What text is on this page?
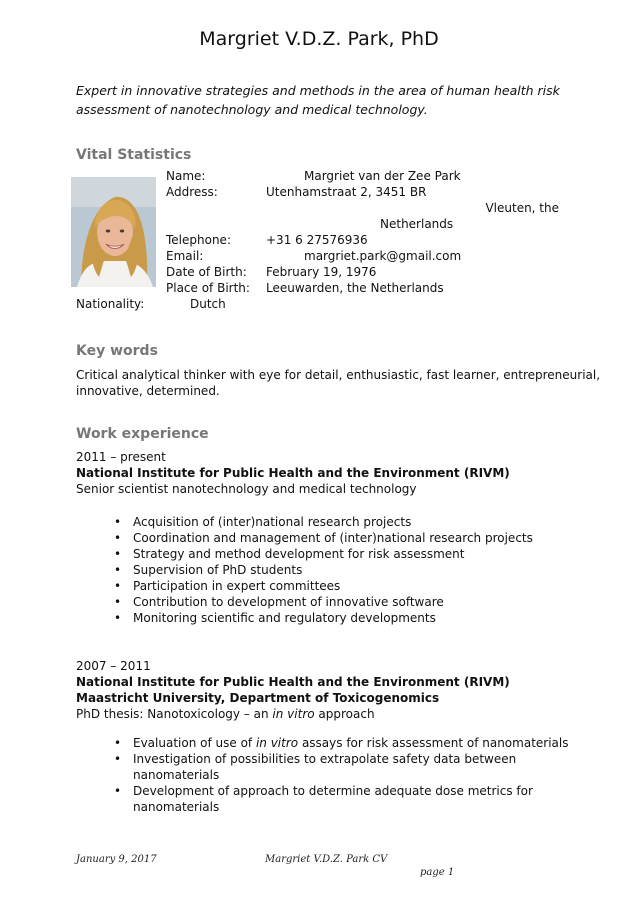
Margriet V.D.Z. Park, PhD
Expert in innovative strategies and methods in the area of human health risk assessment of nanotechnology and medical technology.
Vital Statistics
Name:	Margriet van der Zee Park
Address:	Utenhamstraat 2, 3451 BR
Vleuten, the
Netherlands
Telephone:	+31 6 27576936
Email:	margriet.park@gmail.com
Date of Birth: February 19, 1976
Place of Birth: Leeuwarden, the Netherlands
Nationality:	Dutch
Key words
Critical analytical thinker with eye for detail, enthusiastic, fast learner, entrepreneurial,
innovative, determined.
Work experience
2011 – present
National Institute for Public Health and the Environment (RIVM)
Senior scientist nanotechnology and medical technology
• Acquisition of (inter)national research projects
• Coordination and management of (inter)national research projects
• Strategy and method development for risk assessment
• Supervision of PhD students
• Participation in expert committees
• Contribution to development of innovative software
• Monitoring scientific and regulatory developments
2007 – 2011
National Institute for Public Health and the Environment (RIVM)
Maastricht University, Department of Toxicogenomics
PhD thesis: Nanotoxicology – an in vitro approach
• Evaluation of use of in vitro assays for risk assessment of nanomaterials
• Investigation of possibilities to extrapolate safety data between nanomaterials
• Development of approach to determine adequate dose metrics for
nanomaterials
January 9, 2017	Margriet V.D.Z. Park CV
page 1
